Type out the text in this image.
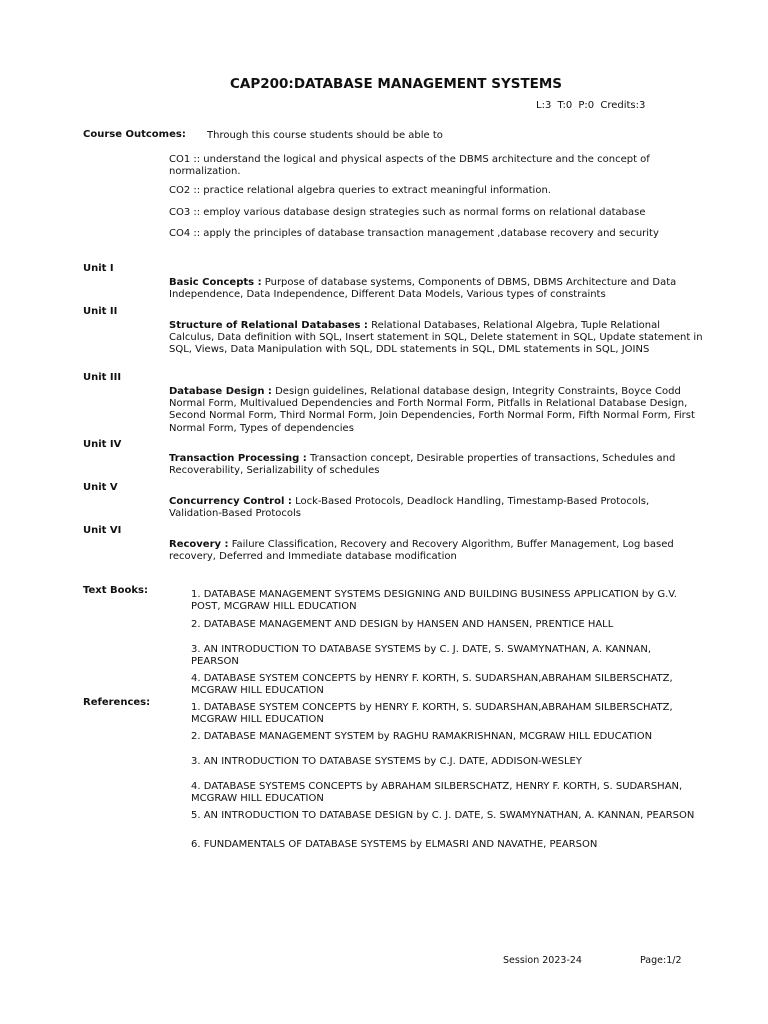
CAP200:DATABASE MANAGEMENT SYSTEMS
L:3 T:0 P:0 Credits:3
Course Outcomes: Through this course students should be able to
CO1 :: understand the logical and physical aspects of the DBMS architecture and the concept of normalization.
CO2 :: practice relational algebra queries to extract meaningful information.
CO3 :: employ various database design strategies such as normal forms on relational database
CO4 :: apply the principles of database transaction management ,database recovery and security
Unit I
Basic Concepts : Purpose of database systems, Components of DBMS, DBMS Architecture and Data Independence, Data Independence, Different Data Models, Various types of constraints
Unit II
Structure of Relational Databases : Relational Databases, Relational Algebra, Tuple Relational Calculus, Data definition with SQL, Insert statement in SQL, Delete statement in SQL, Update statement in SQL, Views, Data Manipulation with SQL, DDL statements in SQL, DML statements in SQL, JOINS
Unit III
Database Design : Design guidelines, Relational database design, Integrity Constraints, Boyce Codd Normal Form, Multivalued Dependencies and Forth Normal Form, Pitfalls in Relational Database Design, Second Normal Form, Third Normal Form, Join Dependencies, Forth Normal Form, Fifth Normal Form, First Normal Form, Types of dependencies
Unit IV
Transaction Processing : Transaction concept, Desirable properties of transactions, Schedules and Recoverability, Serializability of schedules
Unit V
Concurrency Control : Lock-Based Protocols, Deadlock Handling, Timestamp-Based Protocols, Validation-Based Protocols
Unit VI
Recovery : Failure Classification, Recovery and Recovery Algorithm, Buffer Management, Log based recovery, Deferred and Immediate database modification
Text Books:	1. DATABASE MANAGEMENT SYSTEMS DESIGNING AND BUILDING BUSINESS APPLICATION by G.V. POST, MCGRAW HILL EDUCATION
2. DATABASE MANAGEMENT AND DESIGN by HANSEN AND HANSEN, PRENTICE HALL
3. AN INTRODUCTION TO DATABASE SYSTEMS by C. J. DATE, S. SWAMYNATHAN, A. KANNAN, PEARSON
4. DATABASE SYSTEM CONCEPTS by HENRY F. KORTH, S. SUDARSHAN,ABRAHAM SILBERSCHATZ, MCGRAW HILL EDUCATION
References:	1. DATABASE SYSTEM CONCEPTS by HENRY F. KORTH, S. SUDARSHAN,ABRAHAM SILBERSCHATZ, MCGRAW HILL EDUCATION
2. DATABASE MANAGEMENT SYSTEM by RAGHU RAMAKRISHNAN, MCGRAW HILL EDUCATION
3. AN INTRODUCTION TO DATABASE SYSTEMS by C.J. DATE, ADDISON-WESLEY
4. DATABASE SYSTEMS CONCEPTS by ABRAHAM SILBERSCHATZ, HENRY F. KORTH, S. SUDARSHAN, MCGRAW HILL EDUCATION
5. AN INTRODUCTION TO DATABASE DESIGN by C. J. DATE, S. SWAMYNATHAN, A. KANNAN, PEARSON
6. FUNDAMENTALS OF DATABASE SYSTEMS by ELMASRI AND NAVATHE, PEARSON
Session 2023-24	Page:1/2
